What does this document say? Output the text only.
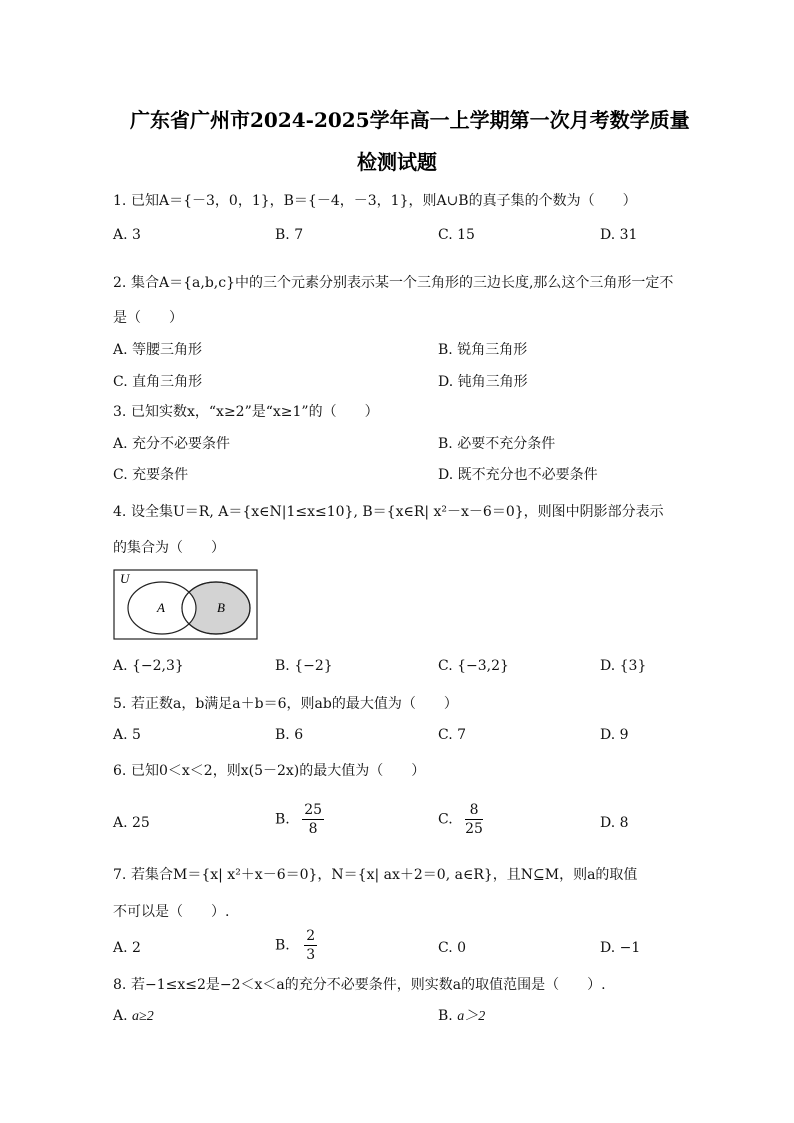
广东省广州市2024-2025学年高一上学期第一次月考数学质量
检测试题
1. 已知A＝{－3，0，1}，B＝{－4，－3，1}，则A∪B的真子集的个数为（　　）
A. 3	B. 7	C. 15	D. 31
2. 集合A＝{a,b,c}中的三个元素分别表示某一个三角形的三边长度,那么这个三角形一定不
是（　　）
A. 等腰三角形	B. 锐角三角形
C. 直角三角形	D. 钝角三角形
3. 已知实数x，“x≥2”是“x≥1”的（　　）
A. 充分不必要条件	B. 必要不充分条件
C. 充要条件	D. 既不充分也不必要条件
4. 设全集U＝R, A＝{x∈N|1≤x≤10}, B＝{x∈R| x²－x－6＝0}，则图中阴影部分表示
的集合为（　　）
U
A	B
A. {−2,3}	B. {−2}	C. {−3,2}	D. {3}
5. 若正数a，b满足a＋b＝6，则ab的最大值为（　　）
A. 5	B. 6	C. 7	D. 9
6. 已知0＜x＜2，则x(5－2x)的最大值为（　　）
A. 25	B. $\frac{25}{8}$	C. $\frac{8}{25}$	D. 8
7. 若集合M＝{x| x²＋x－6＝0}，N＝{x| ax＋2＝0, a∈R}，且N⊆M，则a的取值
不可以是（　　）.
A. 2	B. $\frac{2}{3}$	C. 0	D. −1
8. 若−1≤x≤2是−2＜x＜a的充分不必要条件，则实数a的取值范围是（　　）.
A. a≥2	B. a＞2
